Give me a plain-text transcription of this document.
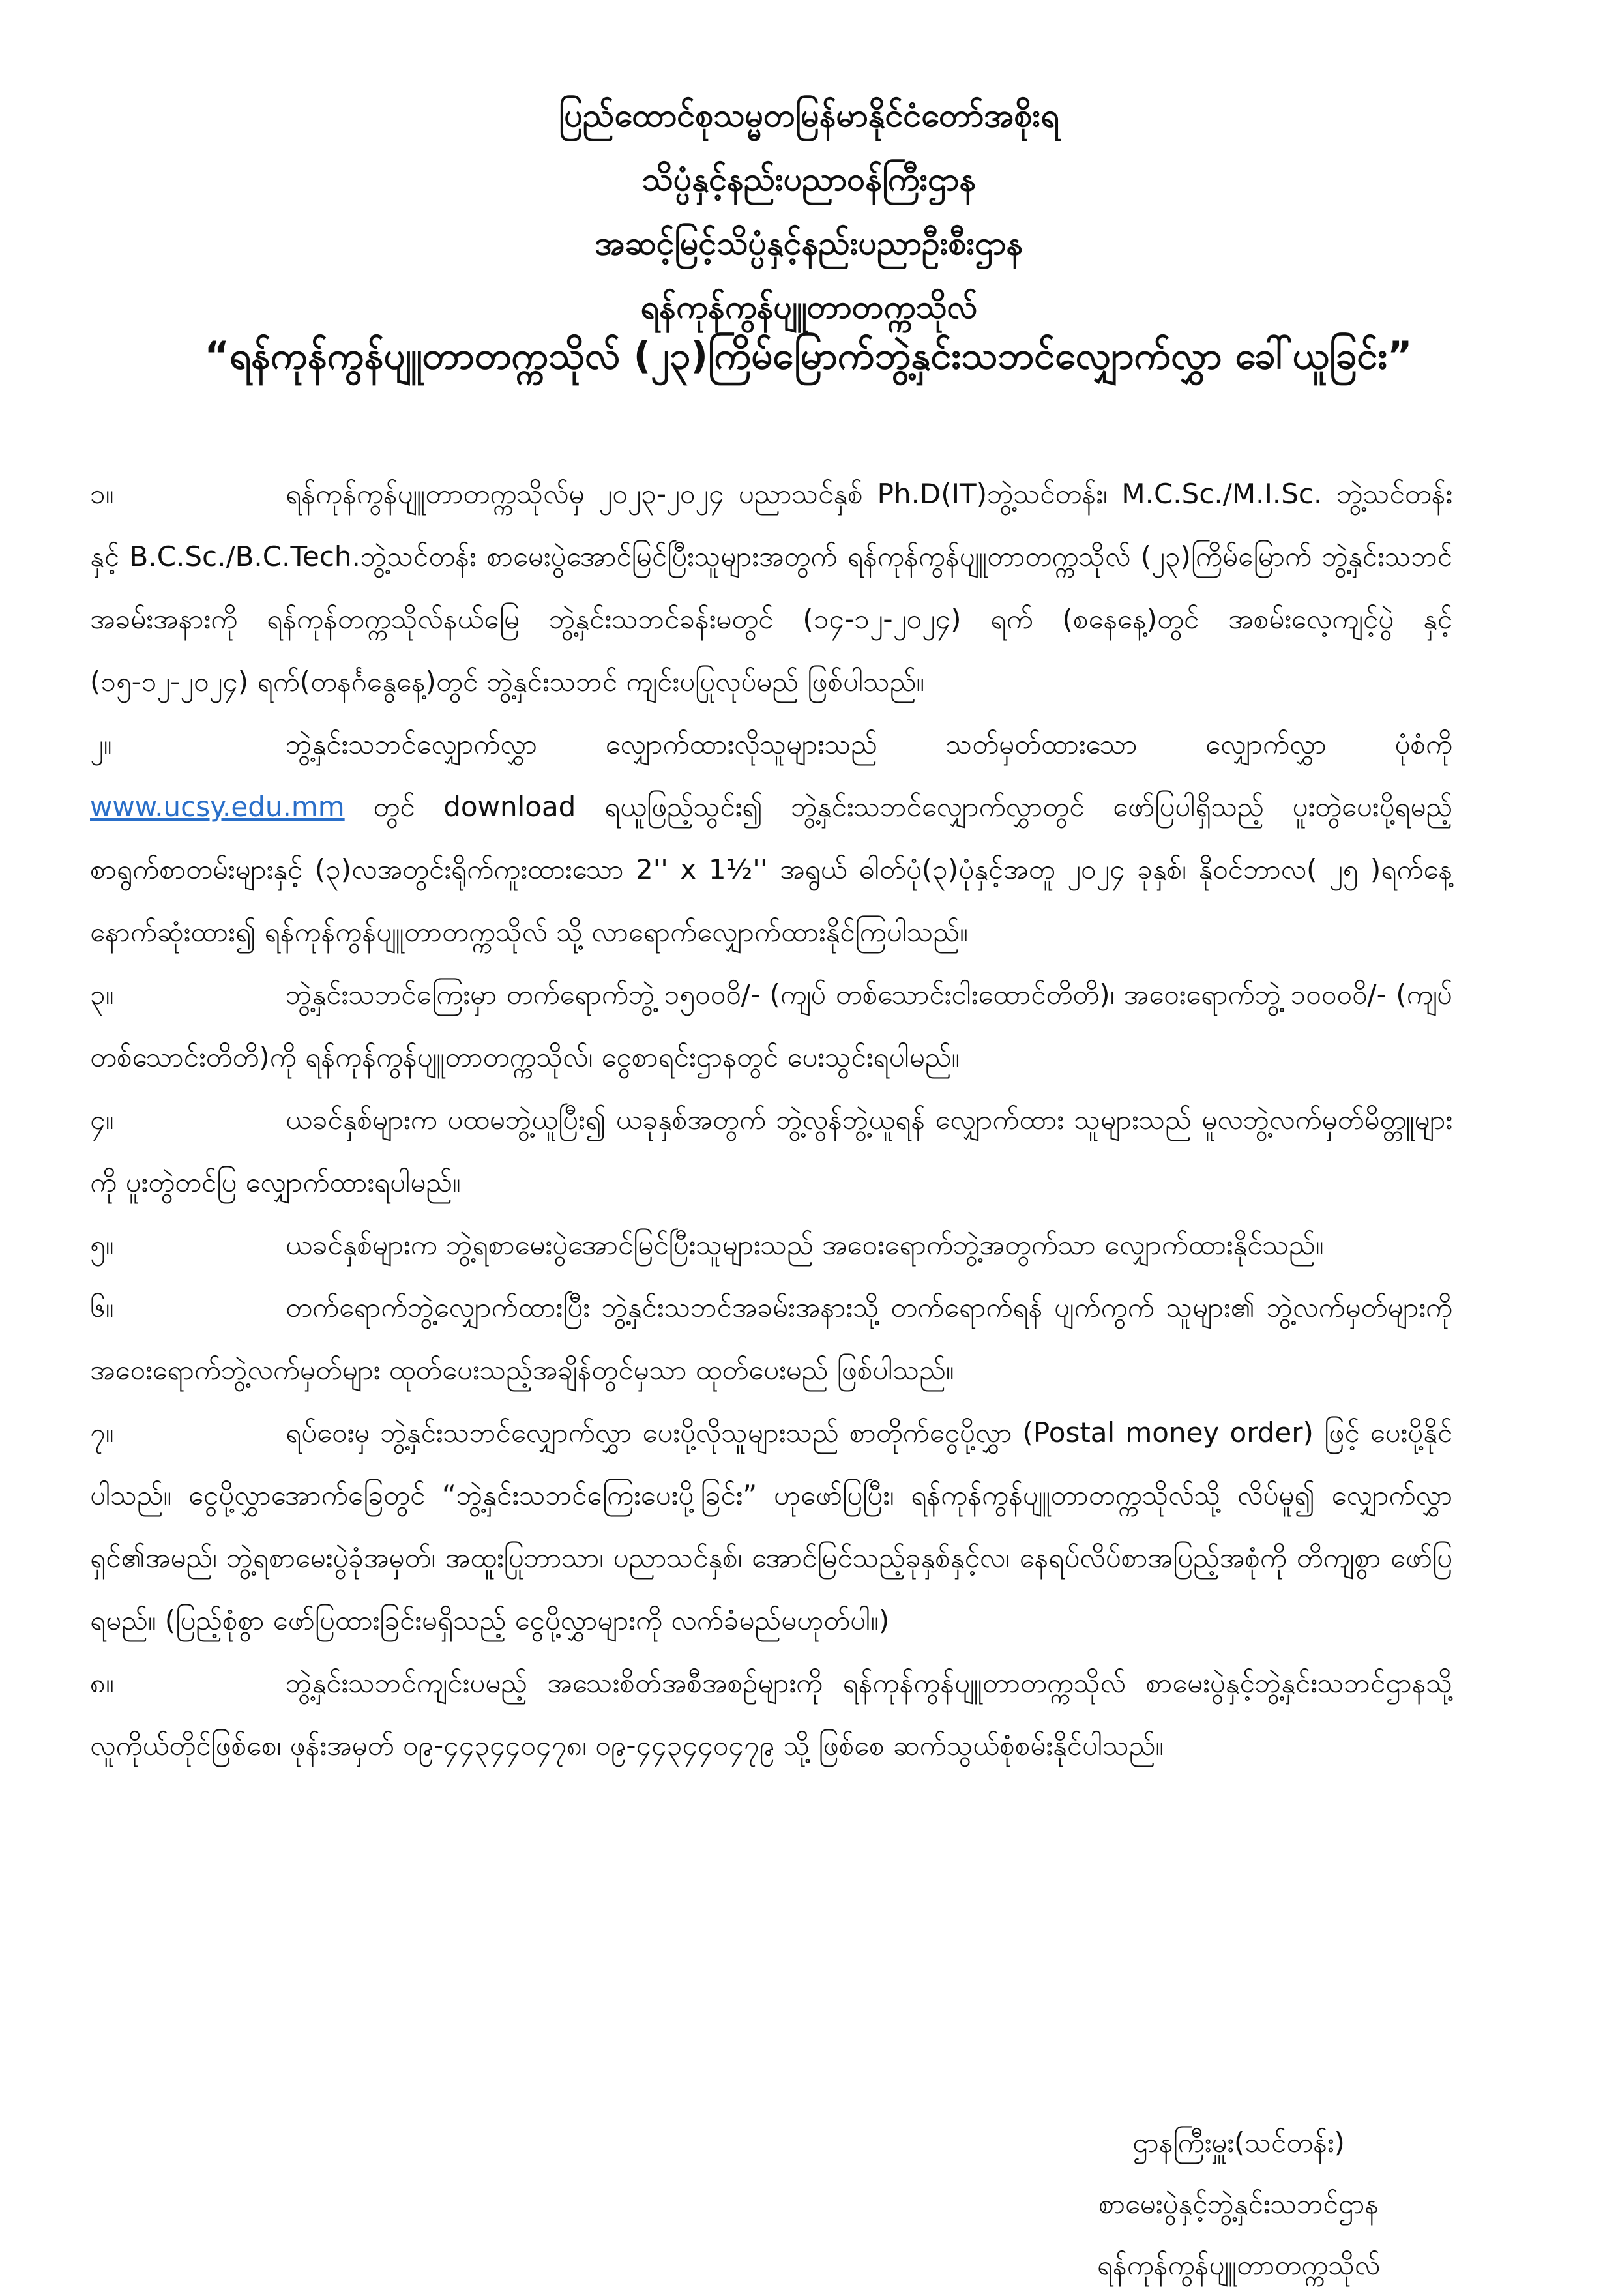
ပြည်ထောင်စုသမ္မတမြန်မာနိုင်ငံတော်အစိုးရ
သိပ္ပံနှင့်နည်းပညာဝန်ကြီးဌာန
အဆင့်မြင့်သိပ္ပံနှင့်နည်းပညာဦးစီးဌာန
ရန်ကုန်ကွန်ပျူတာတက္ကသိုလ်
“ရန်ကုန်ကွန်ပျူတာတက္ကသိုလ် (၂၃)ကြိမ်မြောက်ဘွဲ့နှင်းသဘင်လျှောက်လွှာ ခေါ်ယူခြင်း”

၁။	ရန်ကုန်ကွန်ပျူတာတက္ကသိုလ်မှ ၂၀၂၃-၂၀၂၄ ပညာသင်နှစ် Ph.D(IT)ဘွဲ့သင်တန်း၊ M.C.Sc./M.I.Sc. ဘွဲ့သင်တန်း နှင့် B.C.Sc./B.C.Tech.ဘွဲ့သင်တန်း စာမေးပွဲအောင်မြင်ပြီးသူများအတွက် ရန်ကုန်ကွန်ပျူတာတက္ကသိုလ် (၂၃)ကြိမ်မြောက် ဘွဲ့နှင်းသဘင်အခမ်းအနားကို ရန်ကုန်တက္ကသိုလ်နယ်မြေ ဘွဲ့နှင်းသဘင်ခန်းမတွင် (၁၄-၁၂-၂၀၂၄) ရက် (စနေနေ့)တွင် အစမ်းလေ့ကျင့်ပွဲ နှင့် (၁၅-၁၂-၂၀၂၄) ရက်(တနင်္ဂနွေနေ့)တွင် ဘွဲ့နှင်းသဘင် ကျင်းပပြုလုပ်မည် ဖြစ်ပါသည်။

၂။	ဘွဲ့နှင်းသဘင်လျှောက်လွှာ လျှောက်ထားလိုသူများသည် သတ်မှတ်ထားသော လျှောက်လွှာ ပုံစံကို www.ucsy.edu.mm တွင် download ရယူဖြည့်သွင်း၍ ဘွဲ့နှင်းသဘင်လျှောက်လွှာတွင် ဖော်ပြပါရှိသည့် ပူးတွဲပေးပို့ရမည့် စာရွက်စာတမ်းများနှင့် (၃)လအတွင်းရိုက်ကူးထားသော 2'' x 1½'' အရွယ် ဓါတ်ပုံ(၃)ပုံနှင့်အတူ ၂၀၂၄ ခုနှစ်၊ နိုဝင်ဘာလ( ၂၅ )ရက်နေ့ နောက်ဆုံးထား၍ ရန်ကုန်ကွန်ပျူတာတက္ကသိုလ် သို့ လာရောက်လျှောက်ထားနိုင်ကြပါသည်။

၃။	ဘွဲ့နှင်းသဘင်ကြေးမှာ တက်ရောက်ဘွဲ့ ၁၅၀၀၀ိ/- (ကျပ် တစ်သောင်းငါးထောင်တိတိ)၊ အဝေးရောက်ဘွဲ့ ၁၀၀၀၀ိ/- (ကျပ် တစ်သောင်းတိတိ)ကို ရန်ကုန်ကွန်ပျူတာတက္ကသိုလ်၊ ငွေစာရင်းဌာနတွင် ပေးသွင်းရပါမည်။

၄။	ယခင်နှစ်များက ပထမဘွဲ့ယူပြီး၍ ယခုနှစ်အတွက် ဘွဲ့လွန်ဘွဲ့ယူရန် လျှောက်ထား သူများသည် မူလဘွဲ့လက်မှတ်မိတ္တူများကို ပူးတွဲတင်ပြ လျှောက်ထားရပါမည်။

၅။	ယခင်နှစ်များက ဘွဲ့ရစာမေးပွဲအောင်မြင်ပြီးသူများသည် အဝေးရောက်ဘွဲ့အတွက်သာ လျှောက်ထားနိုင်သည်။

၆။	တက်ရောက်ဘွဲ့လျှောက်ထားပြီး ဘွဲ့နှင်းသဘင်အခမ်းအနားသို့ တက်ရောက်ရန် ပျက်ကွက် သူများ၏ ဘွဲ့လက်မှတ်များကို အဝေးရောက်ဘွဲ့လက်မှတ်များ ထုတ်ပေးသည့်အချိန်တွင်မှသာ ထုတ်ပေးမည် ဖြစ်ပါသည်။

၇။	ရပ်ဝေးမှ ဘွဲ့နှင်းသဘင်လျှောက်လွှာ ပေးပို့လိုသူများသည် စာတိုက်ငွေပို့လွှာ (Postal money order) ဖြင့် ပေးပို့နိုင်ပါသည်။ ငွေပို့လွှာအောက်ခြေတွင် “ဘွဲ့နှင်းသဘင်ကြေးပေးပို့ခြင်း” ဟုဖော်ပြပြီး၊ ရန်ကုန်ကွန်ပျူတာတက္ကသိုလ်သို့ လိပ်မူ၍ လျှောက်လွှာရှင်၏အမည်၊ ဘွဲ့ရစာမေးပွဲခုံအမှတ်၊ အထူးပြုဘာသာ၊ ပညာသင်နှစ်၊ အောင်မြင်သည့်ခုနှစ်နှင့်လ၊ နေရပ်လိပ်စာအပြည့်အစုံကို တိကျစွာ ဖော်ပြရမည်။ (ပြည့်စုံစွာ ဖော်ပြထားခြင်းမရှိသည့် ငွေပို့လွှာများကို လက်ခံမည်မဟုတ်ပါ။)

၈။	ဘွဲ့နှင်းသဘင်ကျင်းပမည့် အသေးစိတ်အစီအစဉ်များကို ရန်ကုန်ကွန်ပျူတာတက္ကသိုလ် စာမေးပွဲနှင့်ဘွဲ့နှင်းသဘင်ဌာနသို့ လူကိုယ်တိုင်ဖြစ်စေ၊ ဖုန်းအမှတ် ၀၉-၄၄၃၄၄၀၄၇၈၊ ၀၉-၄၄၃၄၄၀၄၇၉ သို့ ဖြစ်စေ ဆက်သွယ်စုံစမ်းနိုင်ပါသည်။

ဌာနကြီးမှူး(သင်တန်း)
စာမေးပွဲနှင့်ဘွဲ့နှင်းသဘင်ဌာန
ရန်ကုန်ကွန်ပျူတာတက္ကသိုလ်
